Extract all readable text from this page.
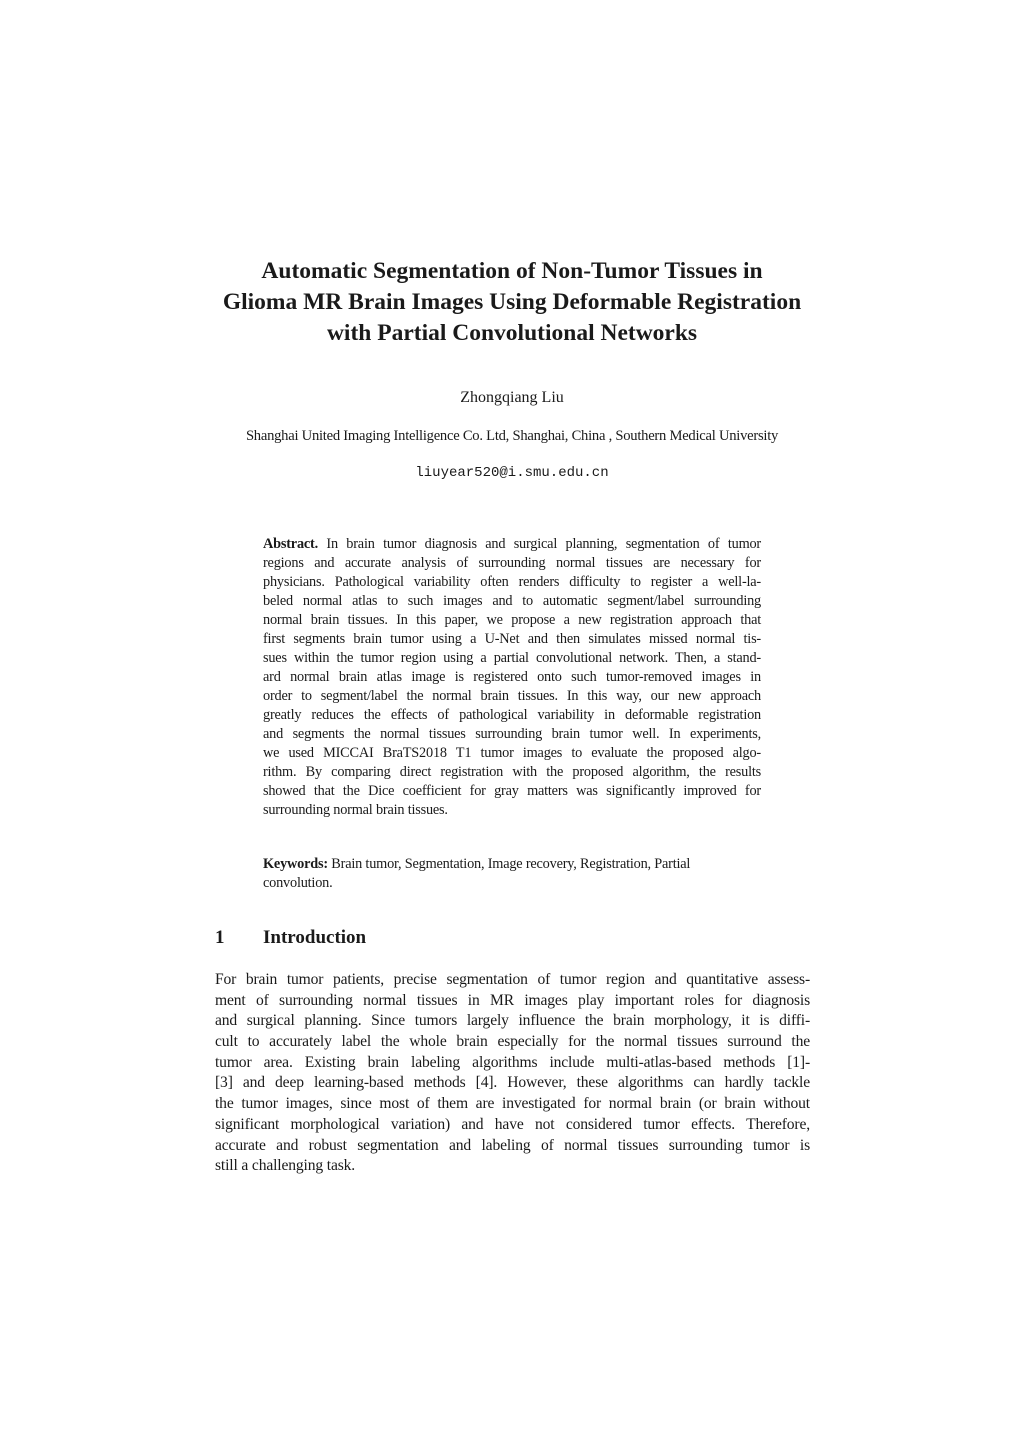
Automatic Segmentation of Non-Tumor Tissues in
Glioma MR Brain Images Using Deformable Registration
with Partial Convolutional Networks
Zhongqiang Liu
Shanghai United Imaging Intelligence Co. Ltd, Shanghai, China , Southern Medical University
liuyear520@i.smu.edu.cn
Abstract. In brain tumor diagnosis and surgical planning, segmentation of tumor
regions and accurate analysis of surrounding normal tissues are necessary for
physicians. Pathological variability often renders difficulty to register a well-la-
beled normal atlas to such images and to automatic segment/label surrounding
normal brain tissues. In this paper, we propose a new registration approach that
first segments brain tumor using a U-Net and then simulates missed normal tis-
sues within the tumor region using a partial convolutional network. Then, a stand-
ard normal brain atlas image is registered onto such tumor-removed images in
order to segment/label the normal brain tissues. In this way, our new approach
greatly reduces the effects of pathological variability in deformable registration
and segments the normal tissues surrounding brain tumor well. In experiments,
we used MICCAI BraTS2018 T1 tumor images to evaluate the proposed algo-
rithm. By comparing direct registration with the proposed algorithm, the results
showed that the Dice coefficient for gray matters was significantly improved for
surrounding normal brain tissues.
Keywords: Brain tumor, Segmentation, Image recovery, Registration, Partial
convolution.
1 Introduction
For brain tumor patients, precise segmentation of tumor region and quantitative assess-
ment of surrounding normal tissues in MR images play important roles for diagnosis
and surgical planning. Since tumors largely influence the brain morphology, it is diffi-
cult to accurately label the whole brain especially for the normal tissues surround the
tumor area. Existing brain labeling algorithms include multi-atlas-based methods [1]-
[3] and deep learning-based methods [4]. However, these algorithms can hardly tackle
the tumor images, since most of them are investigated for normal brain (or brain without
significant morphological variation) and have not considered tumor effects. Therefore,
accurate and robust segmentation and labeling of normal tissues surrounding tumor is
still a challenging task.
